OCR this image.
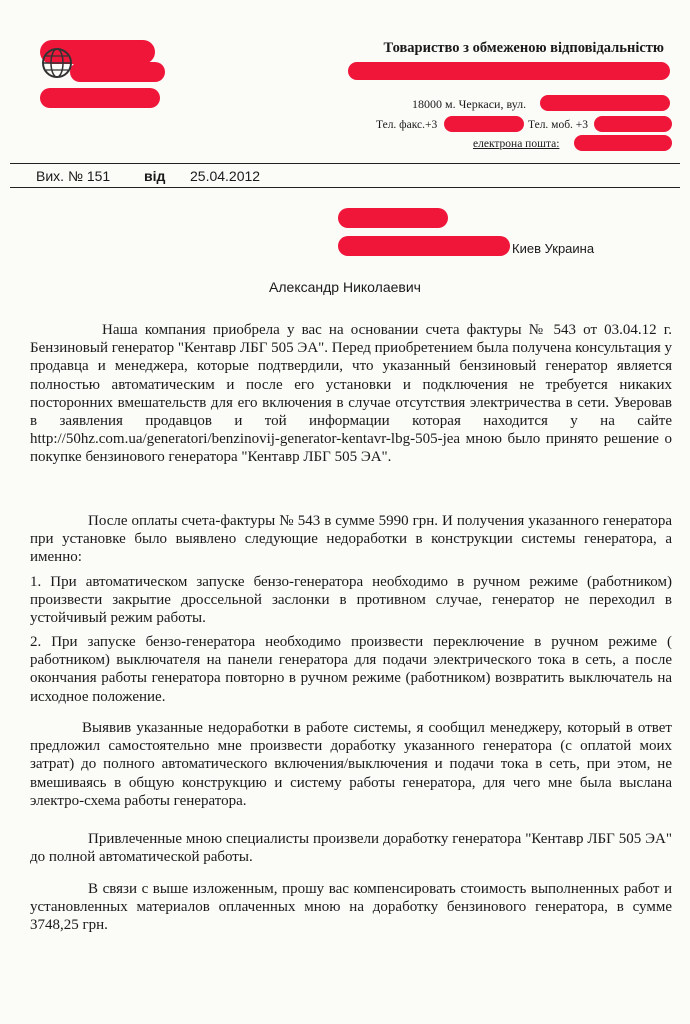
Товариство з обмеженою відповідальністю
18000 м. Черкаси, вул.
Тел. факс.+3	Тел. моб. +3
електрона пошта:
Вих. № 151 від 25.04.2012
Киев Украина
Александр Николаевич

Наша компания приобрела у вас на основании счета фактуры № 543 от 03.04.12 г. Бензиновый генератор "Кентавр ЛБГ 505 ЭА". Перед приобретением была получена консультация у продавца и менеджера, которые подтвердили, что указанный бензиновый генератор является полностью автоматическим и после его установки и подключения не требуется никаких посторонних вмешательств для его включения в случае отсутствия электричества в сети. Уверовав в заявления продавцов и той информации которая находится у на сайте http://50hz.com.ua/generatori/benzinovij-generator-kentavr-lbg-505-jea мною было принято решение о покупке бензинового генератора "Кентавр ЛБГ 505 ЭА".

После оплаты счета-фактуры № 543 в сумме 5990 грн. И получения указанного генератора при установке было выявлено следующие недоработки в конструкции системы генератора, а именно:

1. При автоматическом запуске бензо-генератора необходимо в ручном режиме (работником) произвести закрытие дроссельной заслонки в противном случае, генератор не переходил в устойчивый режим работы.

2. При запуске бензо-генератора необходимо произвести переключение в ручном режиме ( работником) выключателя на панели генератора для подачи электрического тока в сеть, а после окончания работы генератора повторно в ручном режиме (работником) возвратить выключатель на исходное положение.

Выявив указанные недоработки в работе системы, я сообщил менеджеру, который в ответ предложил самостоятельно мне произвести доработку указанного генератора (с оплатой моих затрат) до полного автоматического включения/выключения и подачи тока в сеть, при этом, не вмешиваясь в общую конструкцию и систему работы генератора, для чего мне была выслана электро-схема работы генератора.

Привлеченные мною специалисты произвели доработку генератора "Кентавр ЛБГ 505 ЭА" до полной автоматической работы.

В связи с выше изложенным, прошу вас компенсировать стоимость выполненных работ и установленных материалов оплаченных мною на доработку бензинового генератора, в сумме 3748,25 грн.
